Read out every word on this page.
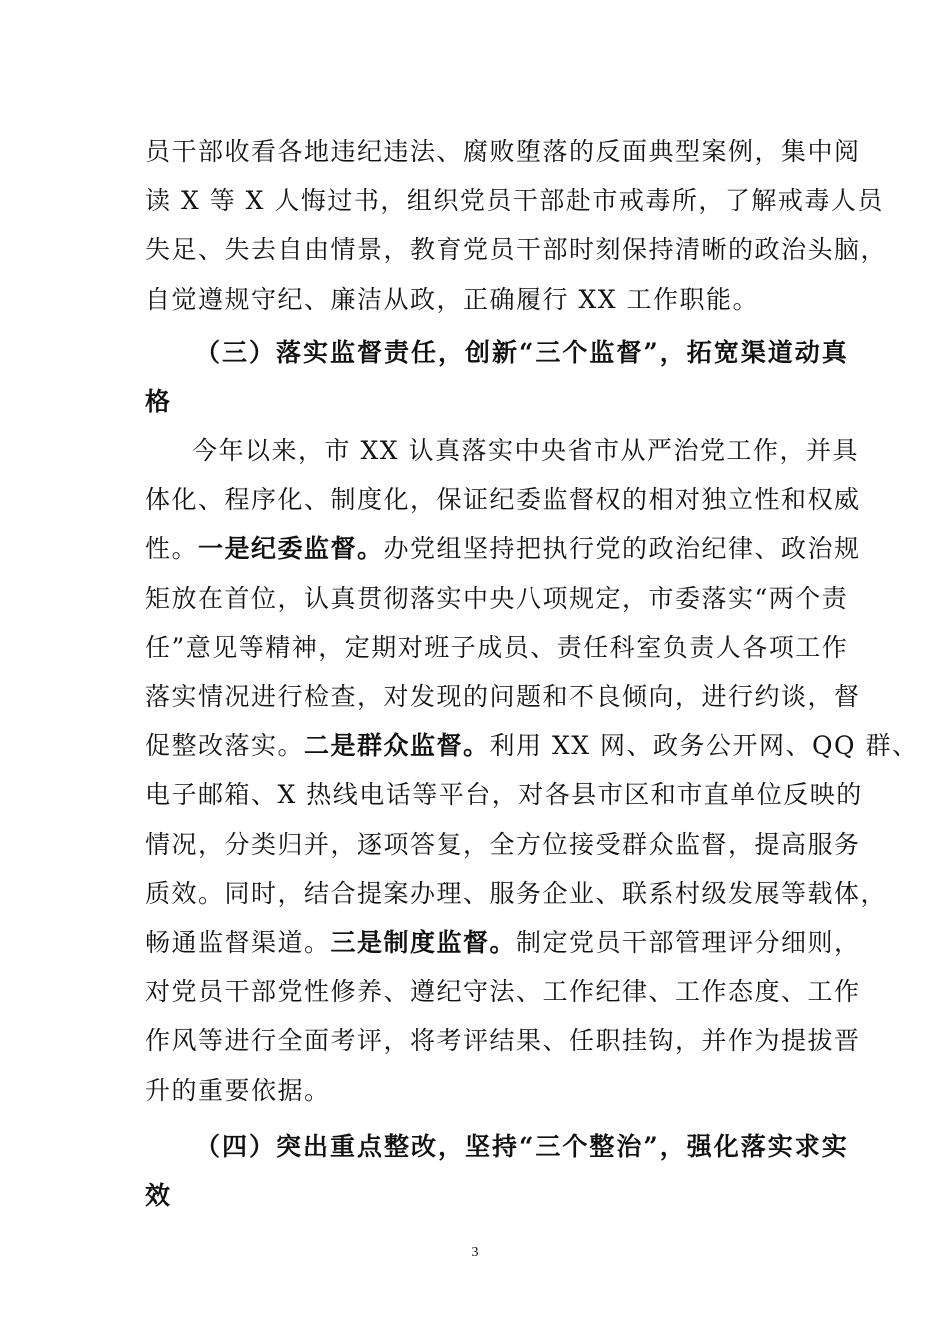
员干部收看各地违纪违法、腐败堕落的反面典型案例，集中阅
读 X 等 X 人悔过书，组织党员干部赴市戒毒所，了解戒毒人员
失足、失去自由情景，教育党员干部时刻保持清晰的政治头脑，
自觉遵规守纪、廉洁从政，正确履行 XX 工作职能。
（三）落实监督责任，创新“三个监督”，拓宽渠道动真
格
今年以来，市 XX 认真落实中央省市从严治党工作，并具
体化、程序化、制度化，保证纪委监督权的相对独立性和权威
性。一是纪委监督。办党组坚持把执行党的政治纪律、政治规
矩放在首位，认真贯彻落实中央八项规定，市委落实“两个责
任”意见等精神，定期对班子成员、责任科室负责人各项工作
落实情况进行检查，对发现的问题和不良倾向，进行约谈，督
促整改落实。二是群众监督。利用 XX 网、政务公开网、QQ 群、
电子邮箱、X 热线电话等平台，对各县市区和市直单位反映的
情况，分类归并，逐项答复，全方位接受群众监督，提高服务
质效。同时，结合提案办理、服务企业、联系村级发展等载体，
畅通监督渠道。三是制度监督。制定党员干部管理评分细则，
对党员干部党性修养、遵纪守法、工作纪律、工作态度、工作
作风等进行全面考评，将考评结果、任职挂钩，并作为提拔晋
升的重要依据。
（四）突出重点整改，坚持“三个整治”，强化落实求实
效
3
